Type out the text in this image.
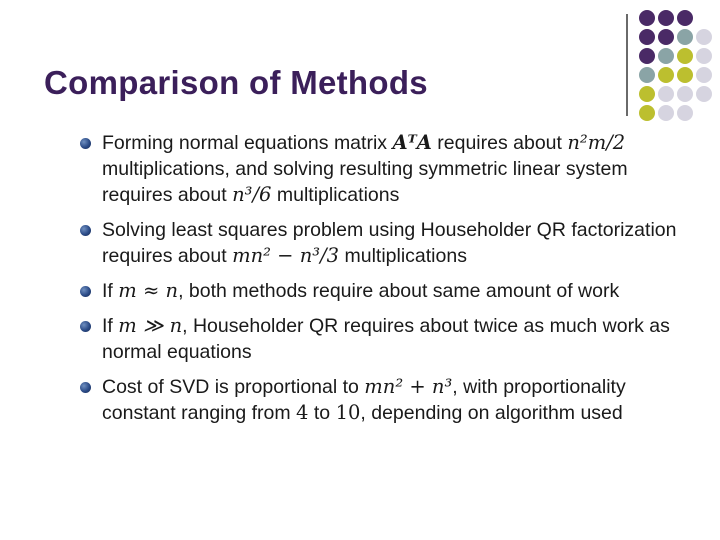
Comparison of Methods
Forming normal equations matrix AᵀA requires about n²m/2 multiplications, and solving resulting symmetric linear system requires about n³/6 multiplications
Solving least squares problem using Householder QR factorization requires about mn² − n³/3 multiplications
If m ≈ n, both methods require about same amount of work
If m ≫ n, Householder QR requires about twice as much work as normal equations
Cost of SVD is proportional to mn² + n³, with proportionality constant ranging from 4 to 10, depending on algorithm used
